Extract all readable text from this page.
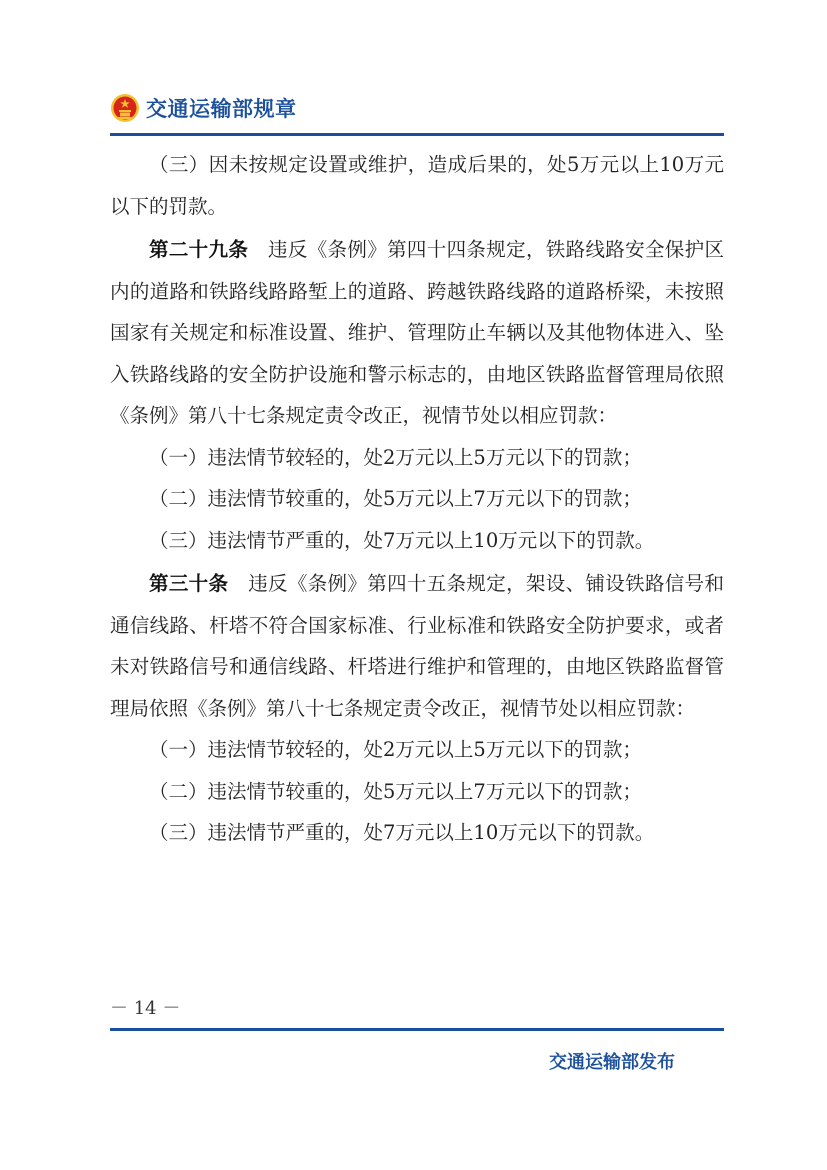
交通运输部规章

（三）因未按规定设置或维护，造成后果的，处5万元以上10万元以下的罚款。

第二十九条　违反《条例》第四十四条规定，铁路线路安全保护区内的道路和铁路线路路堑上的道路、跨越铁路线路的道路桥梁，未按照国家有关规定和标准设置、维护、管理防止车辆以及其他物体进入、坠入铁路线路的安全防护设施和警示标志的，由地区铁路监督管理局依照《条例》第八十七条规定责令改正，视情节处以相应罚款：

（一）违法情节较轻的，处2万元以上5万元以下的罚款；

（二）违法情节较重的，处5万元以上7万元以下的罚款；

（三）违法情节严重的，处7万元以上10万元以下的罚款。

第三十条　违反《条例》第四十五条规定，架设、铺设铁路信号和通信线路、杆塔不符合国家标准、行业标准和铁路安全防护要求，或者未对铁路信号和通信线路、杆塔进行维护和管理的，由地区铁路监督管理局依照《条例》第八十七条规定责令改正，视情节处以相应罚款：

（一）违法情节较轻的，处2万元以上5万元以下的罚款；

（二）违法情节较重的，处5万元以上7万元以下的罚款；

（三）违法情节严重的，处7万元以上10万元以下的罚款。

－ 14 －
交通运输部发布
